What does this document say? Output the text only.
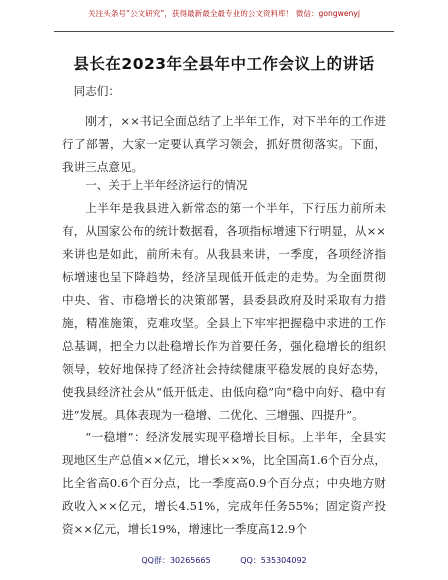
关注头条号“公文研究”，获得最新最全最专业的公文资料库！ 微信：gongwenyj
县长在2023年全县年中工作会议上的讲话

同志们：

刚才，××书记全面总结了上半年工作，对下半年的工作进行了部署，大家一定要认真学习领会，抓好贯彻落实。下面，我讲三点意见。

一、关于上半年经济运行的情况

上半年是我县进入新常态的第一个半年，下行压力前所未有，从国家公布的统计数据看，各项指标增速下行明显，从××来讲也是如此，前所未有。从我县来讲，一季度，各项经济指标增速也呈下降趋势，经济呈现低开低走的走势。为全面贯彻中央、省、市稳增长的决策部署，县委县政府及时采取有力措施，精准施策，克难攻坚。全县上下牢牢把握稳中求进的工作总基调，把全力以赴稳增长作为首要任务，强化稳增长的组织领导，较好地保持了经济社会持续健康平稳发展的良好态势，使我县经济社会从“低开低走、由低向稳”向“稳中向好、稳中有进”发展。具体表现为一稳增、二优化、三增强、四提升”。

“一稳增”：经济发展实现平稳增长目标。上半年，全县实现地区生产总值××亿元，增长××%，比全国高1.6个百分点，比全省高0.6个百分点，比一季度高0.9个百分点；中央地方财政收入××亿元，增长4.51%，完成年任务55%；固定资产投资××亿元，增长19%，增速比一季度高12.9个

QQ群：30265665	QQ：535304092
